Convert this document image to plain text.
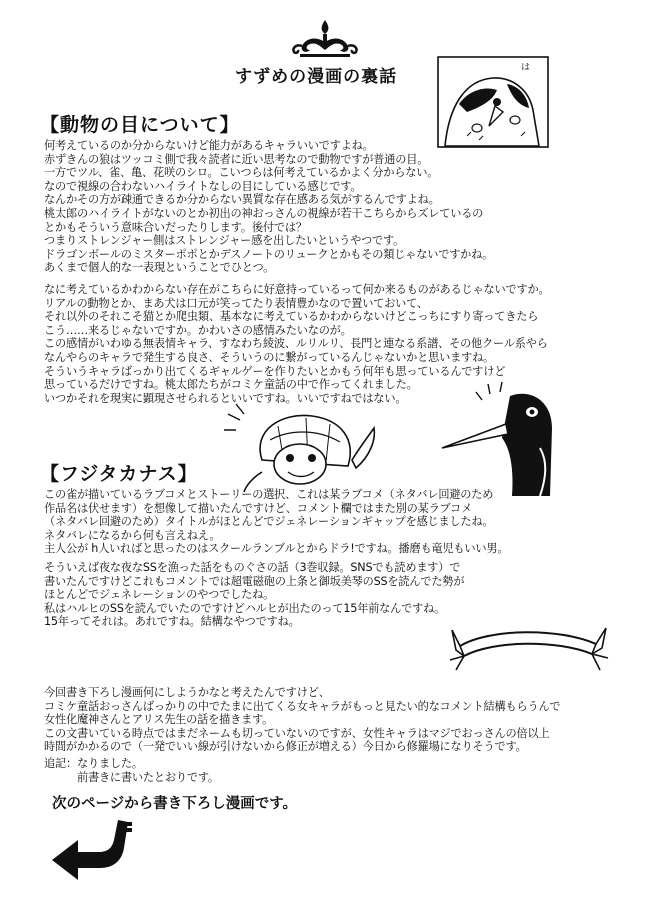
すずめの漫画の裏話	は
【動物の目について】
何考えているのか分からないけど能力があるキャラいいですよね。
赤ずきんの狼はツッコミ側で我々読者に近い思考なので動物ですが普通の目。
一方でツル、雀、亀、花咲のシロ。こいつらは何考えているかよく分からない。
なので視線の合わないハイライトなしの目にしている感じです。
なんかその方が疎通できるか分からない異質な存在感ある気がするんですよね。
桃太郎のハイライトがないのとか初出の神おっさんの視線が若干こちらからズレているの
とかもそういう意味合いだったりします。後付では？
つまりストレンジャー側はストレンジャー感を出したいというやつです。
ドラゴンボールのミスターポポとかデスノートのリュークとかもその類じゃないですかね。
あくまで個人的な一表現ということでひとつ。
なに考えているかわからない存在がこちらに好意持っているって何か来るものがあるじゃないですか。
リアルの動物とか、まあ犬は口元が笑ってたり表情豊かなので置いておいて、
それ以外のそれこそ猫とか爬虫類、基本なに考えているかわからないけどこっちにすり寄ってきたら
こう……来るじゃないですか。かわいさの感情みたいなのが。
この感情がいわゆる無表情キャラ、すなわち綾波、ルリルリ、長門と連なる系譜、その他クール系やら
なんやらのキャラで発生する良さ、そういうのに繋がっているんじゃないかと思いますね。
そういうキャラばっかり出てくるギャルゲーを作りたいとかもう何年も思っているんですけど
思っているだけですね。桃太郎たちがコミケ童話の中で作ってくれました。
いつかそれを現実に顕現させられるといいですね。いいですねではない。
【フジタカナス】
この雀が描いているラブコメとストーリーの選択、これは某ラブコメ（ネタバレ回避のため
作品名は伏せます）を想像して描いたんですけど、コメント欄ではまた別の某ラブコメ
（ネタバレ回避のため）タイトルがほとんどでジェネレーションギャップを感じましたね。
ネタバレになるから何も言えねえ。
主人公が h人いればと思ったのはスクールランブルとからドラ!ですね。播磨も竜児もいい男。
そういえば夜な夜なSSを漁った話をものぐさの話（3巻収録。SNSでも読めます）で
書いたんですけどこれもコメントでは超電磁砲の上条と御坂美琴のSSを読んでた勢が
ほとんどでジェネレーションのやつでしたね。
私はハルヒのSSを読んでいたのですけどハルヒが出たのって15年前なんですね。
15年ってそれは。あれですね。結構なやつですね。
今回書き下ろし漫画何にしようかなと考えたんですけど、
コミケ童話おっさんばっかりの中でたまに出てくる女キャラがもっと見たい的なコメント結構もらうんで
女性化魔神さんとアリス先生の話を描きます。
この文書いている時点ではまだネームも切っていないのですが、女性キャラはマジでおっさんの倍以上
時間がかかるので（一発でいい線が引けないから修正が増える）今日から修羅場になりそうです。
追記：なりました。
　　　前書きに書いたとおりです。
次のページから書き下ろし漫画です。
